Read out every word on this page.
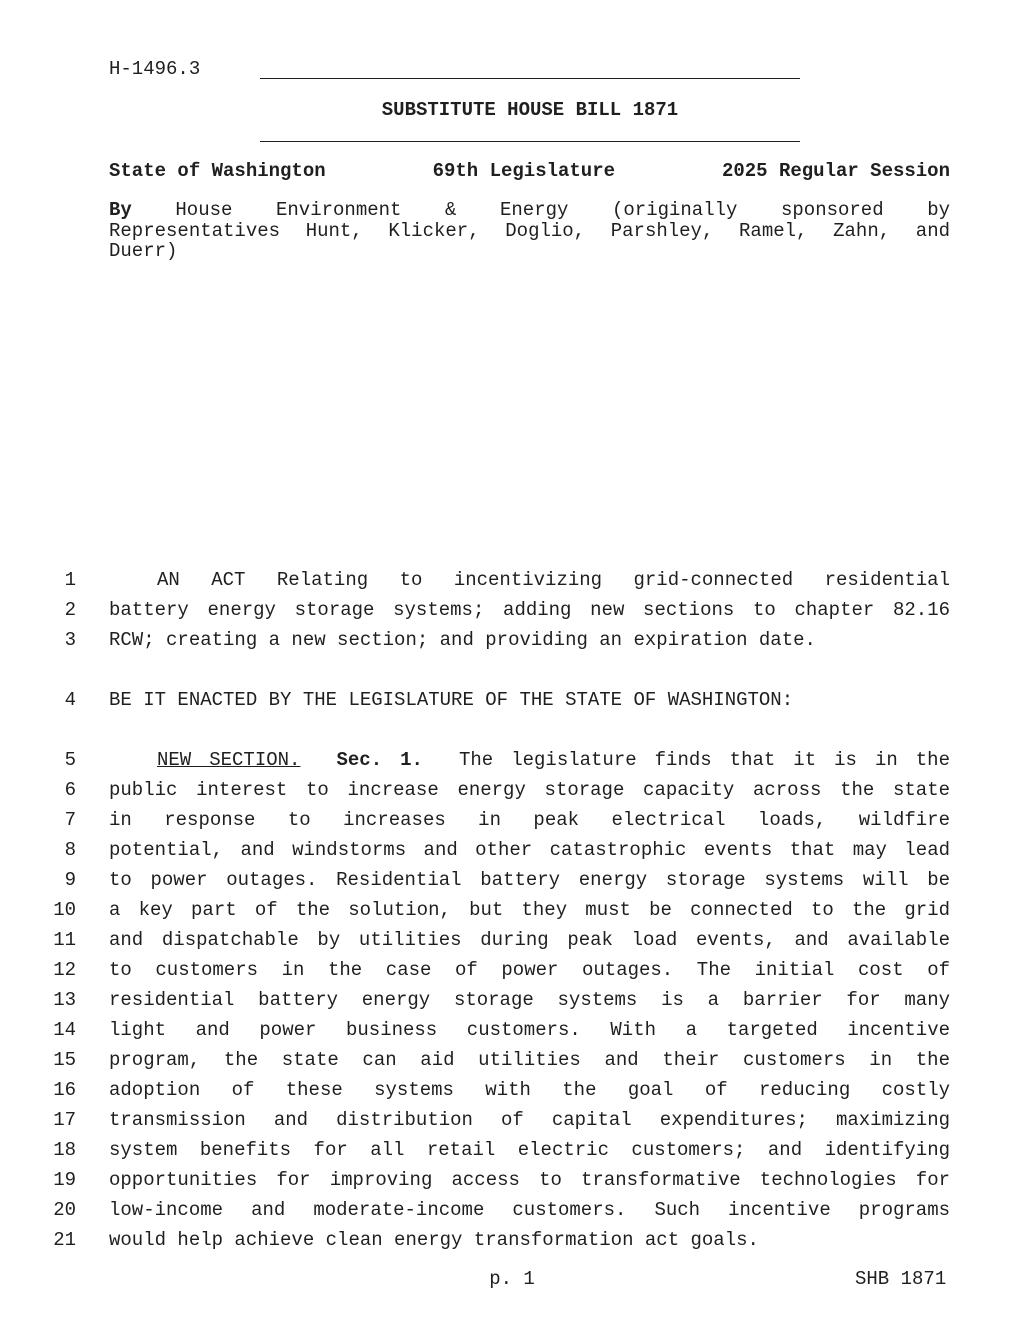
H-1496.3
SUBSTITUTE HOUSE BILL 1871
State of Washington	69th Legislature	2025 Regular Session
By House Environment & Energy (originally sponsored by
Representatives Hunt, Klicker, Doglio, Parshley, Ramel, Zahn, and
Duerr)
1	AN ACT Relating to incentivizing grid-connected residential
2 battery energy storage systems; adding new sections to chapter 82.16
3 RCW; creating a new section; and providing an expiration date.
4 BE IT ENACTED BY THE LEGISLATURE OF THE STATE OF WASHINGTON:
5	NEW SECTION. Sec. 1. The legislature finds that it is in the
6 public interest to increase energy storage capacity across the state
7 in response to increases in peak electrical loads, wildfire
8 potential, and windstorms and other catastrophic events that may lead
9 to power outages. Residential battery energy storage systems will be
10 a key part of the solution, but they must be connected to the grid
11 and dispatchable by utilities during peak load events, and available
12 to customers in the case of power outages. The initial cost of
13 residential battery energy storage systems is a barrier for many
14 light and power business customers. With a targeted incentive
15 program, the state can aid utilities and their customers in the
16 adoption of these systems with the goal of reducing costly
17 transmission and distribution of capital expenditures; maximizing
18 system benefits for all retail electric customers; and identifying
19 opportunities for improving access to transformative technologies for
20 low-income and moderate-income customers. Such incentive programs
21 would help achieve clean energy transformation act goals.
p. 1	SHB 1871
